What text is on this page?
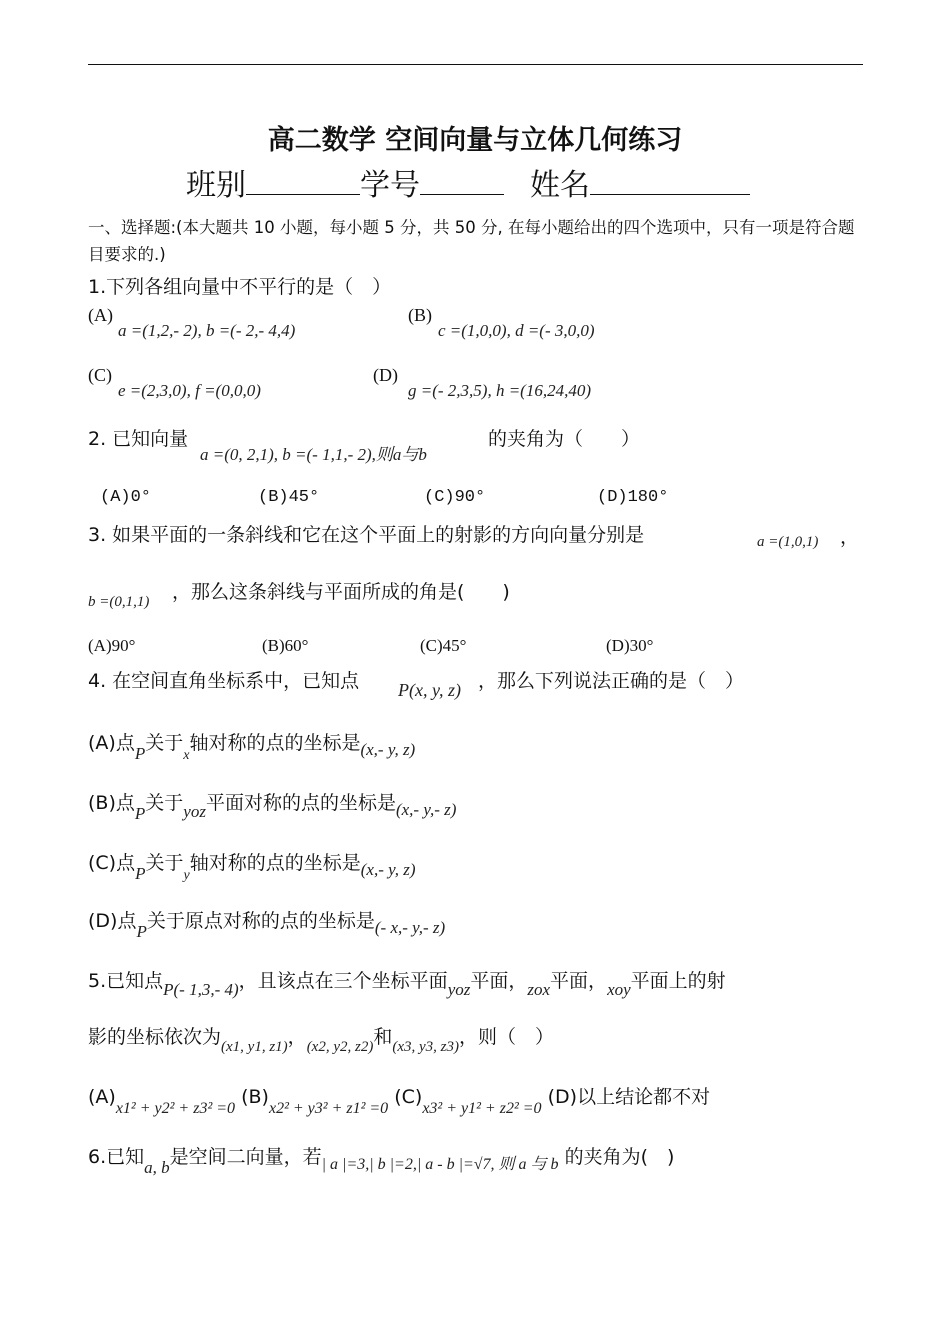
高二数学 空间向量与立体几何练习
班别	学号	姓名
一、选择题:(本大题共 10 小题，每小题 5 分，共 50 分, 在每小题给出的四个选项中，只有一项是符合题目要求的.)
1.下列各组向量中不平行的是（　）
(A)
a =(1,2,- 2), b =(- 2,- 4,4)
(B)
c =(1,0,0), d =(- 3,0,0)
(C)
e =(2,3,0), f =(0,0,0)
(D)
g =(- 2,3,5), h =(16,24,40)
2. 已知向量
a =(0, 2,1), b =(- 1,1,- 2),则a与b
的夹角为（　　）
(A)0°	(B)45°	(C)90°	(D)180°
3. 如果平面的一条斜线和它在这个平面上的射影的方向向量分别是	a =(1,0,1) ，
b =(0,1,1) ，那么这条斜线与平面所成的角是(　　)
(A)90°	(B)60°	(C)45°	(D)30°
4. 在空间直角坐标系中，已知点 P(x, y, z) ，那么下列说法正确的是（　）
(A)点P关于$_x$轴对称的点的坐标是(x,- y, z)
(B)点P关于yoz平面对称的点的坐标是(x,- y,- z)
(C)点P关于$_y$轴对称的点的坐标是(x,- y, z)
(D)点P关于原点对称的点的坐标是(- x,- y,- z)
5.已知点P(- 1,3,- 4)，且该点在三个坐标平面yoz平面，zox平面，xoy平面上的射
影的坐标依次为$_{(x1, y1, z1)}$，$_{(x2, y2, z2)}$和$_{(x3, y3, z3)}$，则（　）
$(A)_{x1^2 + y2^2 + z3^2 =0}$ $(B)_{x2^2 + y3^2 + z1^2 =0}$ $(C)_{x3^2 + y1^2 + z2^2 =0}$ (D)以上结论都不对
6.已知a, b是空间二向量，若$_{| a |=3,| b |=2,| a - b |=√7, 则 a 与 b}$ 的夹角为(　)
